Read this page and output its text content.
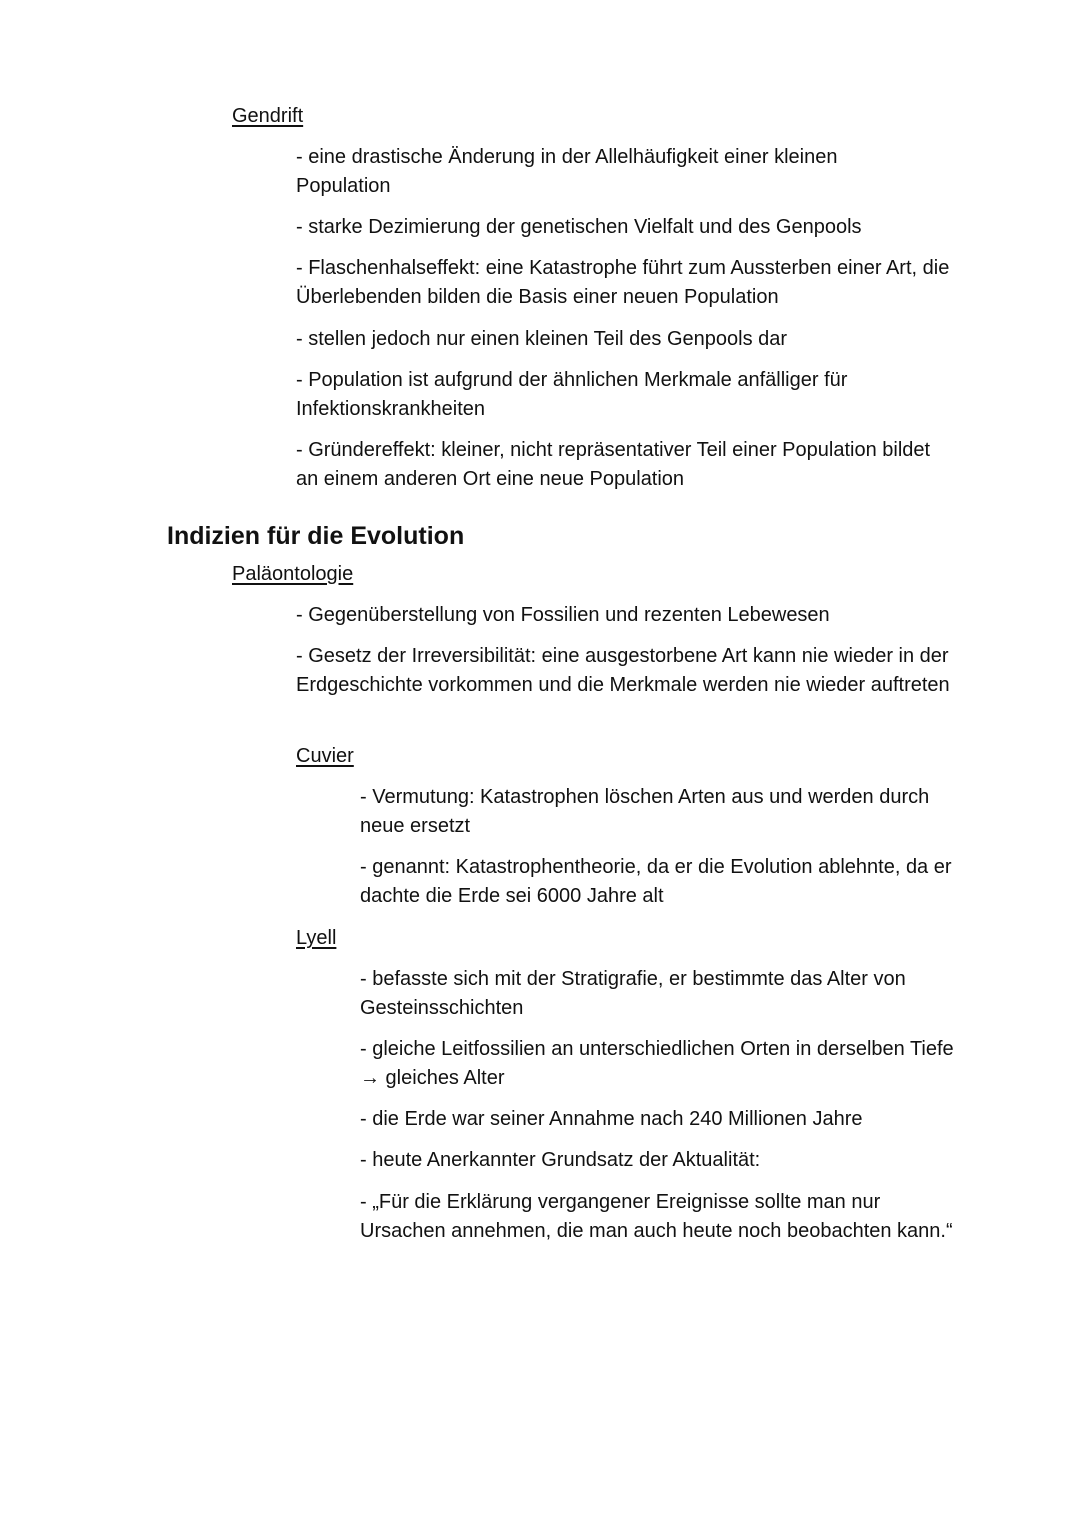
Gendrift
- eine drastische Änderung in der Allelhäufigkeit einer kleinen Population
- starke Dezimierung der genetischen Vielfalt und des Genpools
- Flaschenhalseffekt: eine Katastrophe führt zum Aussterben einer Art, die Überlebenden bilden die Basis einer neuen Population
- stellen jedoch nur einen kleinen Teil des Genpools dar
- Population ist aufgrund der ähnlichen Merkmale anfälliger für Infektionskrankheiten
- Gründereffekt: kleiner, nicht repräsentativer Teil einer Population bildet an einem anderen Ort eine neue Population
Indizien für die Evolution
Paläontologie
- Gegenüberstellung von Fossilien und rezenten Lebewesen
- Gesetz der Irreversibilität: eine ausgestorbene Art kann nie wieder in der Erdgeschichte vorkommen und die Merkmale werden nie wieder auftreten
Cuvier
- Vermutung: Katastrophen löschen Arten aus und werden durch neue ersetzt
- genannt: Katastrophentheorie, da er die Evolution ablehnte, da er dachte die Erde sei 6000 Jahre alt
Lyell
- befasste sich mit der Stratigrafie, er bestimmte das Alter von Gesteinsschichten
- gleiche Leitfossilien an unterschiedlichen Orten in derselben Tiefe → gleiches Alter
- die Erde war seiner Annahme nach 240 Millionen Jahre
- heute Anerkannter Grundsatz der Aktualität:
- „Für die Erklärung vergangener Ereignisse sollte man nur Ursachen annehmen, die man auch heute noch beobachten kann.“
